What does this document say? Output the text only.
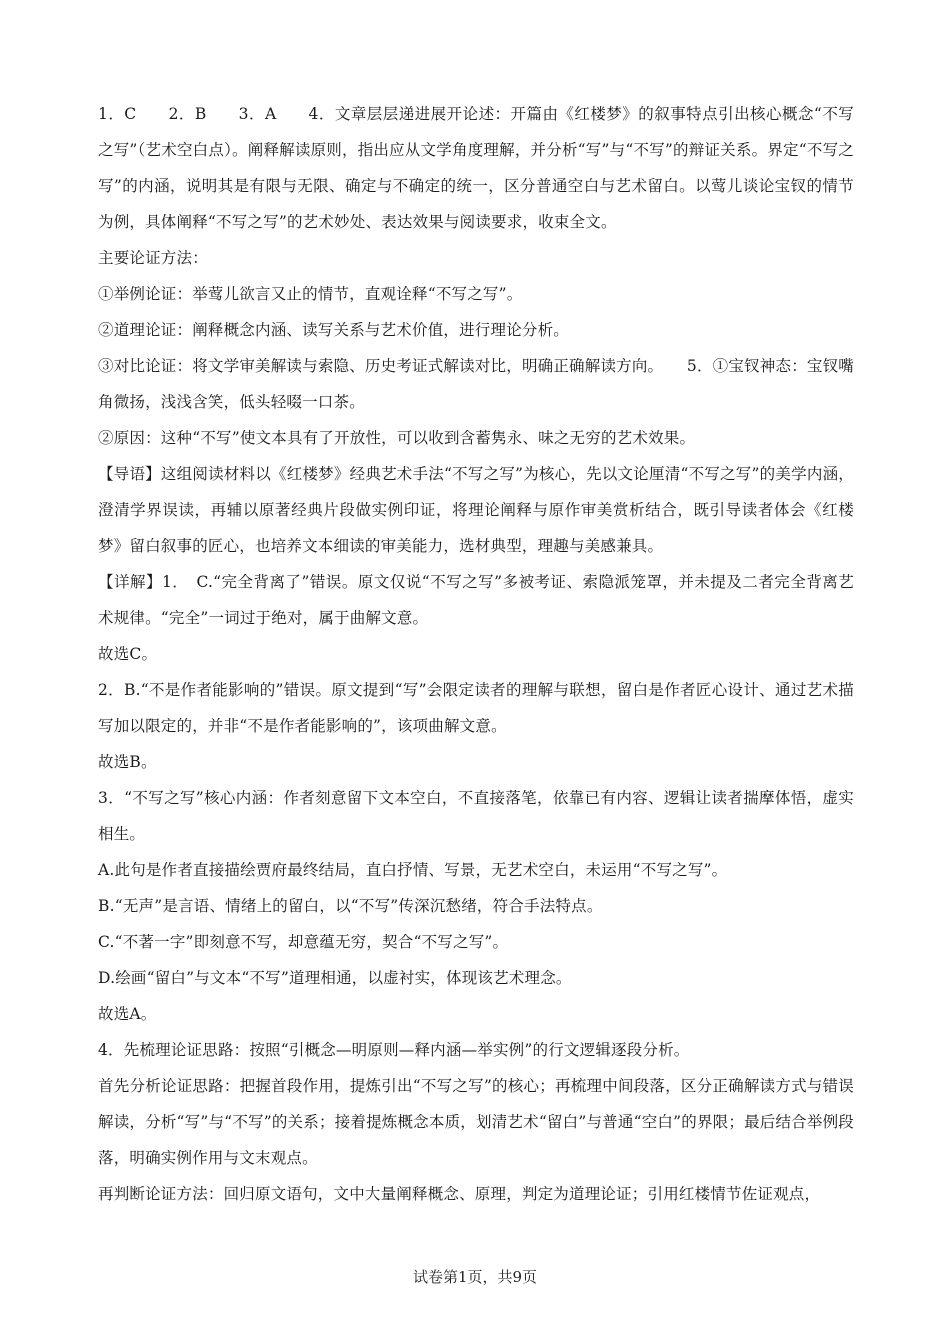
1．C　　2．B　　3．A　　4．文章层层递进展开论述：开篇由《红楼梦》的叙事特点引出核心概念“不写之写”（艺术空白点）。阐释解读原则，指出应从文学角度理解，并分析“写”与“不写”的辩证关系。界定“不写之写”的内涵，说明其是有限与无限、确定与不确定的统一，区分普通空白与艺术留白。以莺儿谈论宝钗的情节为例，具体阐释“不写之写”的艺术妙处、表达效果与阅读要求，收束全文。

主要论证方法：

①举例论证：举莺儿欲言又止的情节，直观诠释“不写之写”。

②道理论证：阐释概念内涵、读写关系与艺术价值，进行理论分析。

③对比论证：将文学审美解读与索隐、历史考证式解读对比，明确正确解读方向。　　5．①宝钗神态：宝钗嘴角微扬，浅浅含笑，低头轻啜一口茶。

②原因：这种“不写”使文本具有了开放性，可以收到含蓄隽永、味之无穷的艺术效果。

【导语】这组阅读材料以《红楼梦》经典艺术手法“不写之写”为核心，先以文论厘清“不写之写”的美学内涵，澄清学界误读，再辅以原著经典片段做实例印证，将理论阐释与原作审美赏析结合，既引导读者体会《红楼梦》留白叙事的匠心，也培养文本细读的审美能力，选材典型，理趣与美感兼具。

【详解】1．　C.“完全背离了”错误。原文仅说“不写之写”多被考证、索隐派笼罩，并未提及二者完全背离艺术规律。“完全”一词过于绝对，属于曲解文意。

故选C。

2．B.“不是作者能影响的”错误。原文提到“写”会限定读者的理解与联想，留白是作者匠心设计、通过艺术描写加以限定的，并非“不是作者能影响的”，该项曲解文意。

故选B。

3．“不写之写”核心内涵：作者刻意留下文本空白，不直接落笔，依靠已有内容、逻辑让读者揣摩体悟，虚实相生。

A.此句是作者直接描绘贾府最终结局，直白抒情、写景，无艺术空白，未运用“不写之写”。

B.“无声”是言语、情绪上的留白，以“不写”传深沉愁绪，符合手法特点。

C.“不著一字”即刻意不写，却意蕴无穷，契合“不写之写”。

D.绘画“留白”与文本“不写”道理相通，以虚衬实，体现该艺术理念。

故选A。

4．先梳理论证思路：按照“引概念—明原则—释内涵—举实例”的行文逻辑逐段分析。

首先分析论证思路：把握首段作用，提炼引出“不写之写”的核心；再梳理中间段落，区分正确解读方式与错误解读，分析“写”与“不写”的关系；接着提炼概念本质，划清艺术“留白”与普通“空白”的界限；最后结合举例段落，明确实例作用与文末观点。

再判断论证方法：回归原文语句，文中大量阐释概念、原理，判定为道理论证；引用红楼情节佐证观点，

试卷第1页，共9页
